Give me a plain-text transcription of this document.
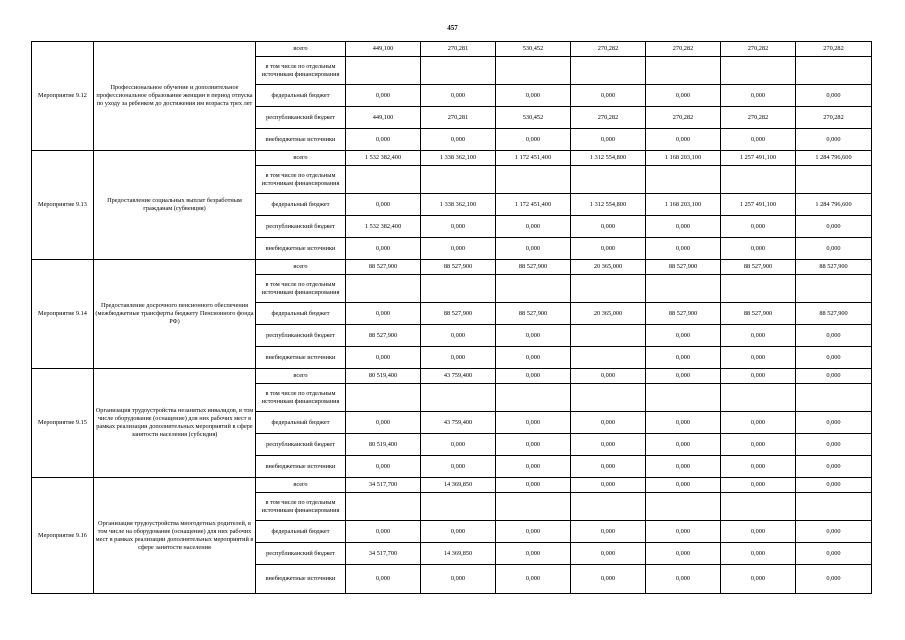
457
Мероприятие 9.12	Профессиональное обучение и дополнительное профессиональное образование женщин в период отпуска по уходу за ребенком до достижения им возраста трех лет	всего	449,100	270,281	530,452	270,282	270,282	270,282	270,282
		в том числе по отдельным источникам финансирования							
		федеральный бюджет	0,000	0,000	0,000	0,000	0,000	0,000	0,000
		республиканский бюджет	449,100	270,281	530,452	270,282	270,282	270,282	270,282
		внебюджетные источники	0,000	0,000	0,000	0,000	0,000	0,000	0,000
Мероприятие 9.13	Предоставление социальных выплат безработным гражданам (субвенция)	всего	1 532 382,400	1 338 362,100	1 172 451,400	1 312 554,800	1 168 203,100	1 257 491,100	1 284 796,600
		в том числе по отдельным источникам финансирования							
		федеральный бюджет	0,000	1 338 362,100	1 172 451,400	1 312 554,800	1 168 203,100	1 257 491,100	1 284 796,600
		республиканский бюджет	1 532 382,400	0,000	0,000	0,000	0,000	0,000	0,000
		внебюджетные источники	0,000	0,000	0,000	0,000	0,000	0,000	0,000
Мероприятие 9.14	Предоставление досрочного пенсионного обеспечения (межбюджетные трансферты бюджету Пенсионного фонда РФ)	всего	88 527,900	88 527,900	88 527,900	20 365,000	88 527,900	88 527,900	88 527,900
		в том числе по отдельным источникам финансирования							
		федеральный бюджет	0,000	88 527,900	88 527,900	20 365,000	88 527,900	88 527,900	88 527,900
		республиканский бюджет	88 527,900	0,000	0,000		0,000	0,000	0,000
		внебюджетные источники	0,000	0,000	0,000		0,000	0,000	0,000
Мероприятие 9.15	Организация трудоустройства незанятых инвалидов, в том числе оборудование (оснащение) для них рабочих мест в рамках реализации дополнительных мероприятий в сфере занятости населения (субсидия)	всего	80 519,400	43 759,400	0,000	0,000	0,000	0,000	0,000
		в том числе по отдельным источникам финансирования							
		федеральный бюджет	0,000	43 759,400	0,000	0,000	0,000	0,000	0,000
		республиканский бюджет	80 519,400	0,000	0,000	0,000	0,000	0,000	0,000
		внебюджетные источники	0,000	0,000	0,000	0,000	0,000	0,000	0,000
Мероприятие 9.16	Организация трудоустройства многодетных родителей, в том числе на оборудование (оснащение) для них рабочих мест в рамках реализации дополнительных мероприятий в сфере занятости населения	всего	34 517,700	14 369,850	0,000	0,000	0,000	0,000	0,000
		в том числе по отдельным источникам финансирования							
		федеральный бюджет	0,000	0,000	0,000	0,000	0,000	0,000	0,000
		республиканский бюджет	34 517,700	14 369,850	0,000	0,000	0,000	0,000	0,000
		внебюджетные источники	0,000	0,000	0,000	0,000	0,000	0,000	0,000
